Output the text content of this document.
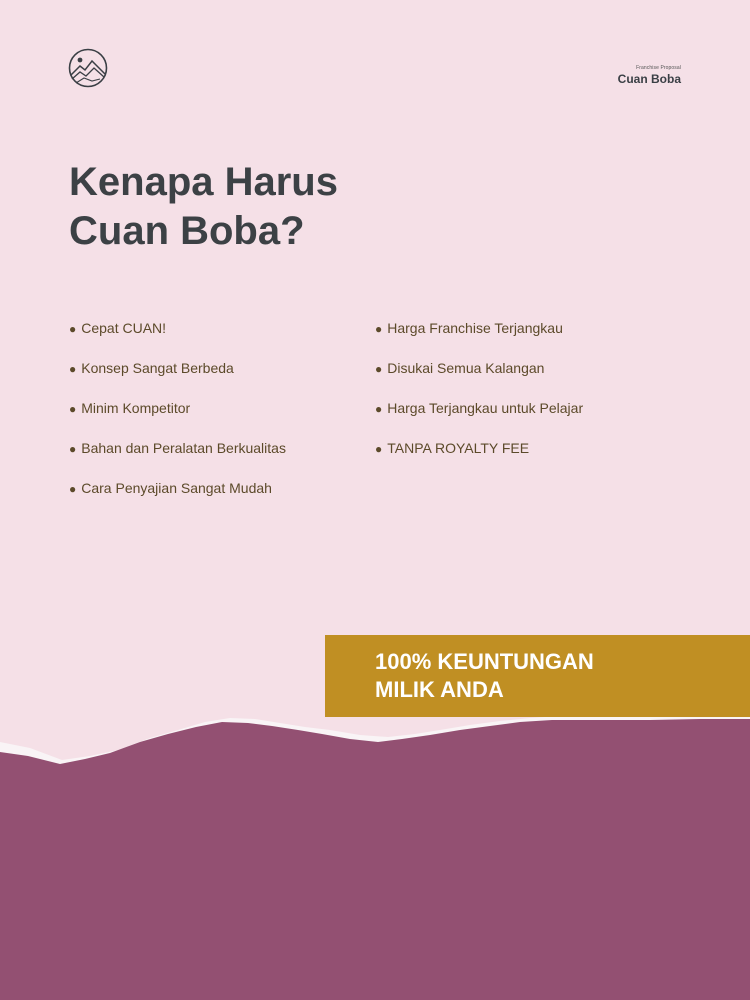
Franchise Proposal
Cuan Boba
Kenapa Harus
Cuan Boba?
● Cepat CUAN!
● Konsep Sangat Berbeda
● Minim Kompetitor
● Bahan dan Peralatan Berkualitas
● Cara Penyajian Sangat Mudah
● Harga Franchise Terjangkau
● Disukai Semua Kalangan
● Harga Terjangkau untuk Pelajar
● TANPA ROYALTY FEE

100% KEUNTUNGAN
MILIK ANDA
